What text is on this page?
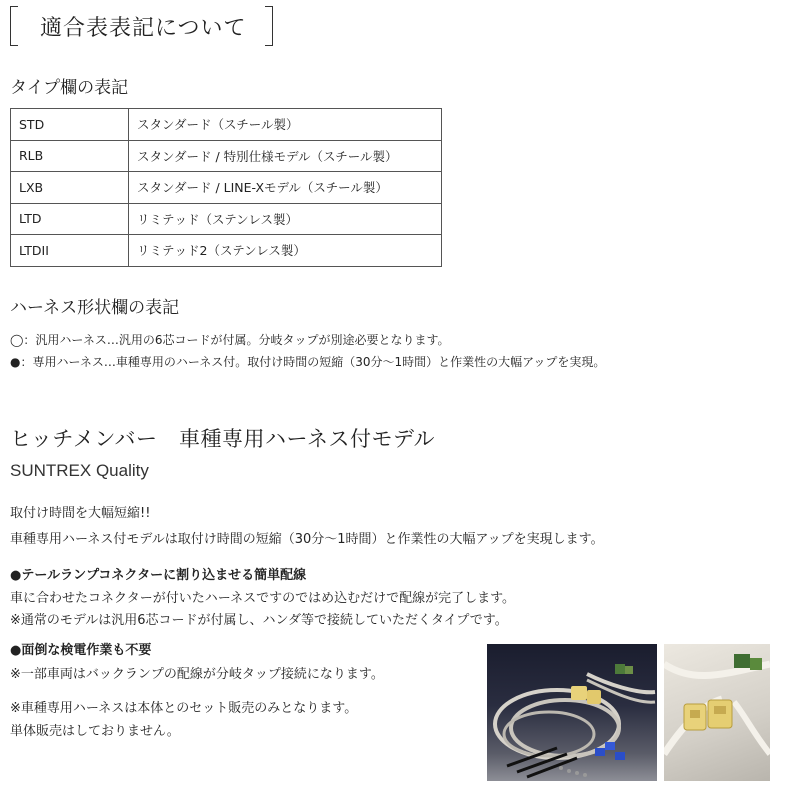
適合表表記について
タイプ欄の表記
STD	スタンダード（スチール製）
RLB	スタンダード / 特別仕様モデル（スチール製）
LXB	スタンダード / LINE-Xモデル（スチール製）
LTD	リミテッド（ステンレス製）
LTDII	リミテッド2（ステンレス製）
ハーネス形状欄の表記
◯：汎用ハーネス…汎用の6芯コードが付属。分岐タップが別途必要となります。
●：専用ハーネス…車種専用のハーネス付。取付け時間の短縮（30分～1時間）と作業性の大幅アップを実現。
ヒッチメンバー　車種専用ハーネス付モデル
SUNTREX Quality
取付け時間を大幅短縮!!
車種専用ハーネス付モデルは取付け時間の短縮（30分～1時間）と作業性の大幅アップを実現します。
●テールランプコネクターに割り込ませる簡単配線
車に合わせたコネクターが付いたハーネスですのではめ込むだけで配線が完了します。
※通常のモデルは汎用6芯コードが付属し、ハンダ等で接続していただくタイプです。
●面倒な検電作業も不要
※一部車両はバックランプの配線が分岐タップ接続になります。
※車種専用ハーネスは本体とのセット販売のみとなります。
単体販売はしておりません。
